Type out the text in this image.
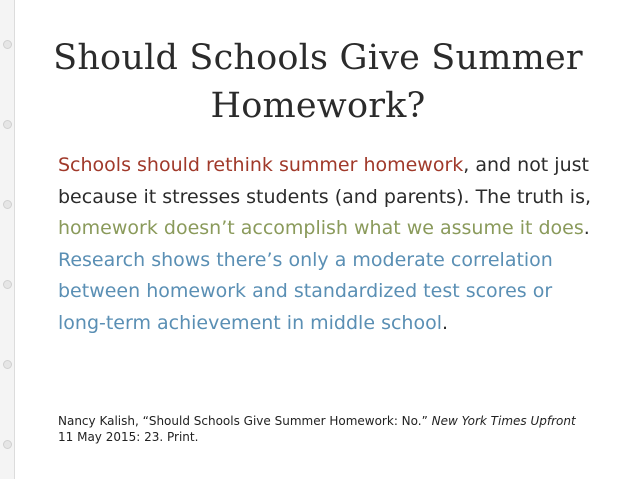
Should Schools Give Summer Homework?
Schools should rethink summer homework, and not just because it stresses students (and parents). The truth is, homework doesn’t accomplish what we assume it does. Research shows there’s only a moderate correlation between homework and standardized test scores or long-term achievement in middle school.
Nancy Kalish, “Should Schools Give Summer Homework: No.” New York Times Upfront
11 May 2015: 23. Print.
